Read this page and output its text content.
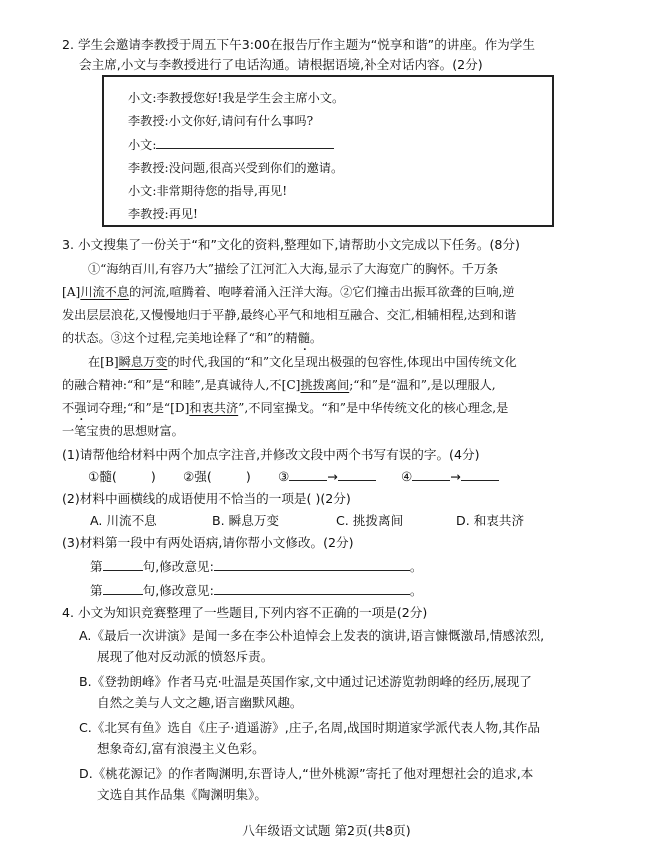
2. 学生会邀请李教授于周五下午3:00在报告厅作主题为“悦享和谐”的讲座。作为学生
会主席,小文与李教授进行了电话沟通。请根据语境,补全对话内容。(2分)
小文:李教授您好!我是学生会主席小文。
李教授:小文你好,请问有什么事吗?
小文:
李教授:没问题,很高兴受到你们的邀请。
小文:非常期待您的指导,再见!
李教授:再见!
3. 小文搜集了一份关于“和”文化的资料,整理如下,请帮助小文完成以下任务。(8分)
①“海纳百川,有容乃大”描绘了江河汇入大海,显示了大海宽广的胸怀。千万条
[A]川流不息的河流,喧腾着、咆哮着涌入汪洋大海。②它们撞击出振耳欲聋的巨响,逆
发出层层浪花,又慢慢地归于平静,最终心平气和地相互融合、交汇,相辅相程,达到和谐
的状态。③这个过程,完美地诠释了“和”的精髓。
在[B]瞬息万变的时代,我国的“和”文化呈现出极强的包容性,体现出中国传统文化
的融合精神:“和”是“和睦”,是真诚待人,不[C]挑拨离间;“和”是“温和”,是以理服人,
不强词夺理;“和”是“[D]和衷共济”,不同室操戈。“和”是中华传统文化的核心理念,是
一笔宝贵的思想财富。
(1)请帮他给材料中两个加点字注音,并修改文段中两个书写有误的字。(4分)
①髓(	) ②强(	) ③	→	④	→
(2)材料中画横线的成语使用不恰当的一项是( )(2分)
A. 川流不息	B. 瞬息万变	C. 挑拨离间	D. 和衷共济
(3)材料第一段中有两处语病,请你帮小文修改。(2分)
第	句,修改意见:	。
第	句,修改意见:	。
4. 小文为知识竞赛整理了一些题目,下列内容不正确的一项是(2分)
A.《最后一次讲演》是闻一多在李公朴追悼会上发表的演讲,语言慷慨激昂,情感浓烈,
展现了他对反动派的愤怒斥责。
B.《登勃朗峰》作者马克·吐温是英国作家,文中通过记述游览勃朗峰的经历,展现了
自然之美与人文之趣,语言幽默风趣。
C.《北冥有鱼》选自《庄子·逍遥游》,庄子,名周,战国时期道家学派代表人物,其作品
想象奇幻,富有浪漫主义色彩。
D.《桃花源记》的作者陶渊明,东晋诗人,“世外桃源”寄托了他对理想社会的追求,本
文选自其作品集《陶渊明集》。
八年级语文试题 第2页(共8页)
